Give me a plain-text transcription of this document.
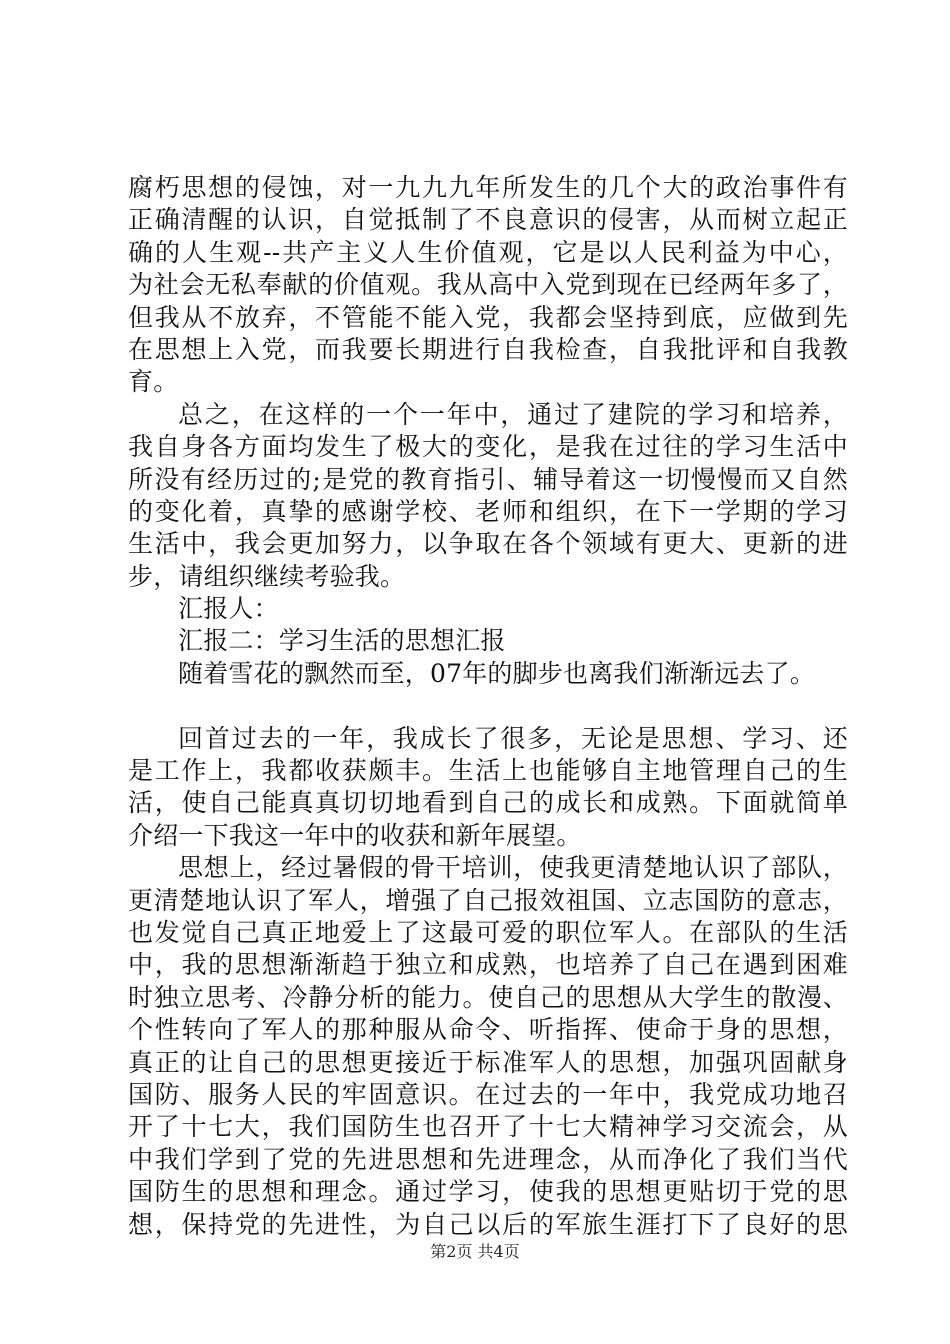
腐朽思想的侵蚀，对一九九九年所发生的几个大的政治事件有
正确清醒的认识，自觉抵制了不良意识的侵害，从而树立起正
确的人生观--共产主义人生价值观，它是以人民利益为中心，
为社会无私奉献的价值观。我从高中入党到现在已经两年多了，
但我从不放弃，不管能不能入党，我都会坚持到底，应做到先
在思想上入党，而我要长期进行自我检查，自我批评和自我教
育。
总之，在这样的一个一年中，通过了建院的学习和培养，
我自身各方面均发生了极大的变化，是我在过往的学习生活中
所没有经历过的;是党的教育指引、辅导着这一切慢慢而又自然
的变化着，真挚的感谢学校、老师和组织，在下一学期的学习
生活中，我会更加努力，以争取在各个领域有更大、更新的进
步，请组织继续考验我。
汇报人：
汇报二：学习生活的思想汇报
随着雪花的飘然而至，07年的脚步也离我们渐渐远去了。
回首过去的一年，我成长了很多，无论是思想、学习、还
是工作上，我都收获颇丰。生活上也能够自主地管理自己的生
活，使自己能真真切切地看到自己的成长和成熟。下面就简单
介绍一下我这一年中的收获和新年展望。
思想上，经过暑假的骨干培训，使我更清楚地认识了部队，
更清楚地认识了军人，增强了自己报效祖国、立志国防的意志，
也发觉自己真正地爱上了这最可爱的职位军人。在部队的生活
中，我的思想渐渐趋于独立和成熟，也培养了自己在遇到困难
时独立思考、冷静分析的能力。使自己的思想从大学生的散漫、
个性转向了军人的那种服从命令、听指挥、使命于身的思想，
真正的让自己的思想更接近于标准军人的思想，加强巩固献身
国防、服务人民的牢固意识。在过去的一年中，我党成功地召
开了十七大，我们国防生也召开了十七大精神学习交流会，从
中我们学到了党的先进思想和先进理念，从而净化了我们当代
国防生的思想和理念。通过学习，使我的思想更贴切于党的思
想，保持党的先进性，为自己以后的军旅生涯打下了良好的思
第2页 共4页
